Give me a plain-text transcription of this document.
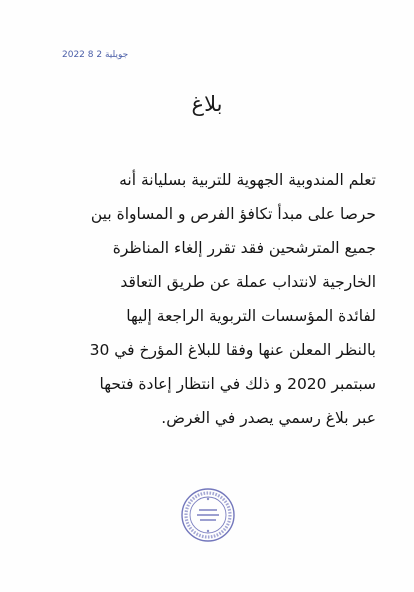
2022 جويلية 2 8
بلاغ
تعلم المندوبية الجهوية للتربية بسليانة أنه
حرصا على مبدأ تكافؤ الفرص و المساواة بين
جميع المترشحين فقد تقرر إلغاء المناظرة
الخارجية لانتداب عملة عن طريق التعاقد
لفائدة المؤسسات التربوية الراجعة إليها
بالنظر المعلن عنها وفقا للبلاغ المؤرخ في 30
سبتمبر 2020 و ذلك في انتظار إعادة فتحها
عبر بلاغ رسمي يصدر في الغرض.
